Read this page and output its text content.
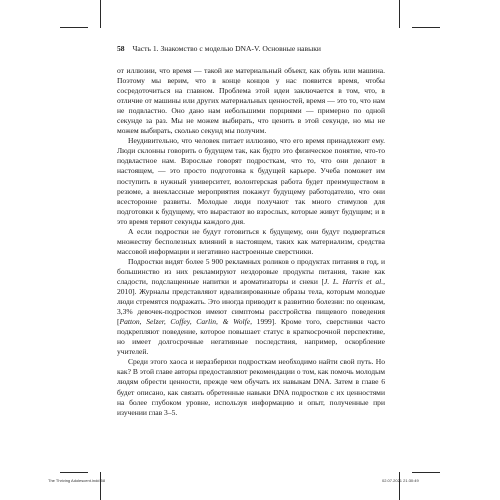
58 Часть 1. Знакомство с моделью DNA-V. Основные навыки

от иллюзии, что время — такой же материальный объект, как обувь или машина. Поэтому мы верим, что в конце концов у нас появится время, чтобы сосредоточиться на главном. Проблема этой идеи заключается в том, что, в отличие от машины или других материальных ценностей, время — это то, что нам не подвластно. Оно дано нам небольшими порциями — примерно по одной секунде за раз. Мы не можем выбирать, что ценить в этой секунде, но мы не можем выбирать, сколько секунд мы получим.

Неудивительно, что человек питает иллюзию, что его время принадлежит ему. Люди склонны говорить о будущем так, как будто это физическое понятие, что-то подвластное нам. Взрослые говорят подросткам, что то, что они делают в настоящем, — это просто подготовка к будущей карьере. Учеба поможет им поступить в нужный университет, волонтерская работа будет преимуществом в резюме, а внеклассные мероприятия покажут будущему работодателю, что они всесторонне развиты. Молодые люди получают так много стимулов для подготовки к будущему, что вырастают во взрослых, которые живут будущим; и в это время теряют секунды каждого дня.

А если подростки не будут готовиться к будущему, они будут подвергаться множеству бесполезных влияний в настоящем, таких как материализм, средства массовой информации и негативно настроенные сверстники.

Подростки видят более 5 900 рекламных роликов о продуктах питания в год, и большинство из них рекламируют нездоровые продукты питания, такие как сладости, подслащенные напитки и ароматизаторы и снеки [J. L. Harris et al., 2010]. Журналы представляют идеализированные образы тела, которым молодые люди стремятся подражать. Это иногда приводит к развитию болезни: по оценкам, 3,3% девочек-подростков имеют симптомы расстройства пищевого поведения [Patton, Selzer, Coffey, Carlin, & Wolfe, 1999]. Кроме того, сверстники часто подкрепляют поведение, которое повышает статус в краткосрочной перспективе, но имеет долгосрочные негативные последствия, например, оскорбление учителей.

Среди этого хаоса и неразберихи подросткам необходимо найти свой путь. Но как? В этой главе авторы предоставляют рекомендации о том, как помочь молодым людям обрести ценности, прежде чем обучать их навыкам DNA. Затем в главе 6 будет описано, как связать обретенные навыки DNA подростков с их ценностями на более глубоком уровне, используя информацию и опыт, полученные при изучении глав 3–5.

The Thriving Adolescent.indd 58	02.07.2021 21:30:49
